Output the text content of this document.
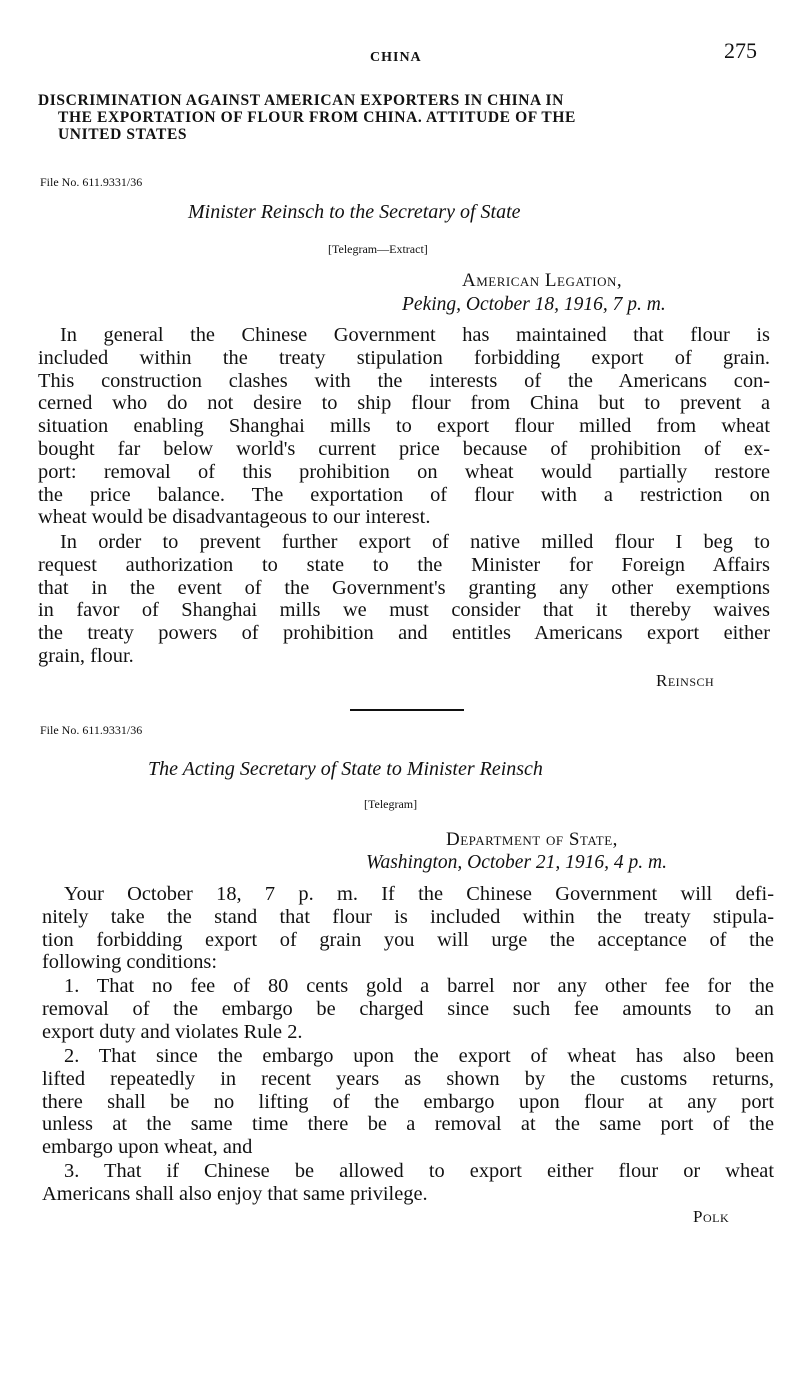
CHINA	275
DISCRIMINATION AGAINST AMERICAN EXPORTERS IN CHINA IN
THE EXPORTATION OF FLOUR FROM CHINA. ATTITUDE OF THE
UNITED STATES
File No. 611.9331/36
Minister Reinsch to the Secretary of State
[Telegram—Extract]
American Legation,
Peking, October 18, 1916, 7 p. m.
In general the Chinese Government has maintained that flour is
included within the treaty stipulation forbidding export of grain.
This construction clashes with the interests of the Americans con-
cerned who do not desire to ship flour from China but to prevent a
situation enabling Shanghai mills to export flour milled from wheat
bought far below world's current price because of prohibition of ex-
port: removal of this prohibition on wheat would partially restore
the price balance. The exportation of flour with a restriction on
wheat would be disadvantageous to our interest.
In order to prevent further export of native milled flour I beg to
request authorization to state to the Minister for Foreign Affairs
that in the event of the Government's granting any other exemptions
in favor of Shanghai mills we must consider that it thereby waives
the treaty powers of prohibition and entitles Americans export either
grain, flour.
Reinsch
File No. 611.9331/36
The Acting Secretary of State to Minister Reinsch
[Telegram]
Department of State,
Washington, October 21, 1916, 4 p. m.
Your October 18, 7 p. m. If the Chinese Government will defi-
nitely take the stand that flour is included within the treaty stipula-
tion forbidding export of grain you will urge the acceptance of the
following conditions:
1. That no fee of 80 cents gold a barrel nor any other fee for the
removal of the embargo be charged since such fee amounts to an
export duty and violates Rule 2.
2. That since the embargo upon the export of wheat has also been
lifted repeatedly in recent years as shown by the customs returns,
there shall be no lifting of the embargo upon flour at any port
unless at the same time there be a removal at the same port of the
embargo upon wheat, and
3. That if Chinese be allowed to export either flour or wheat
Americans shall also enjoy that same privilege.
Polk
